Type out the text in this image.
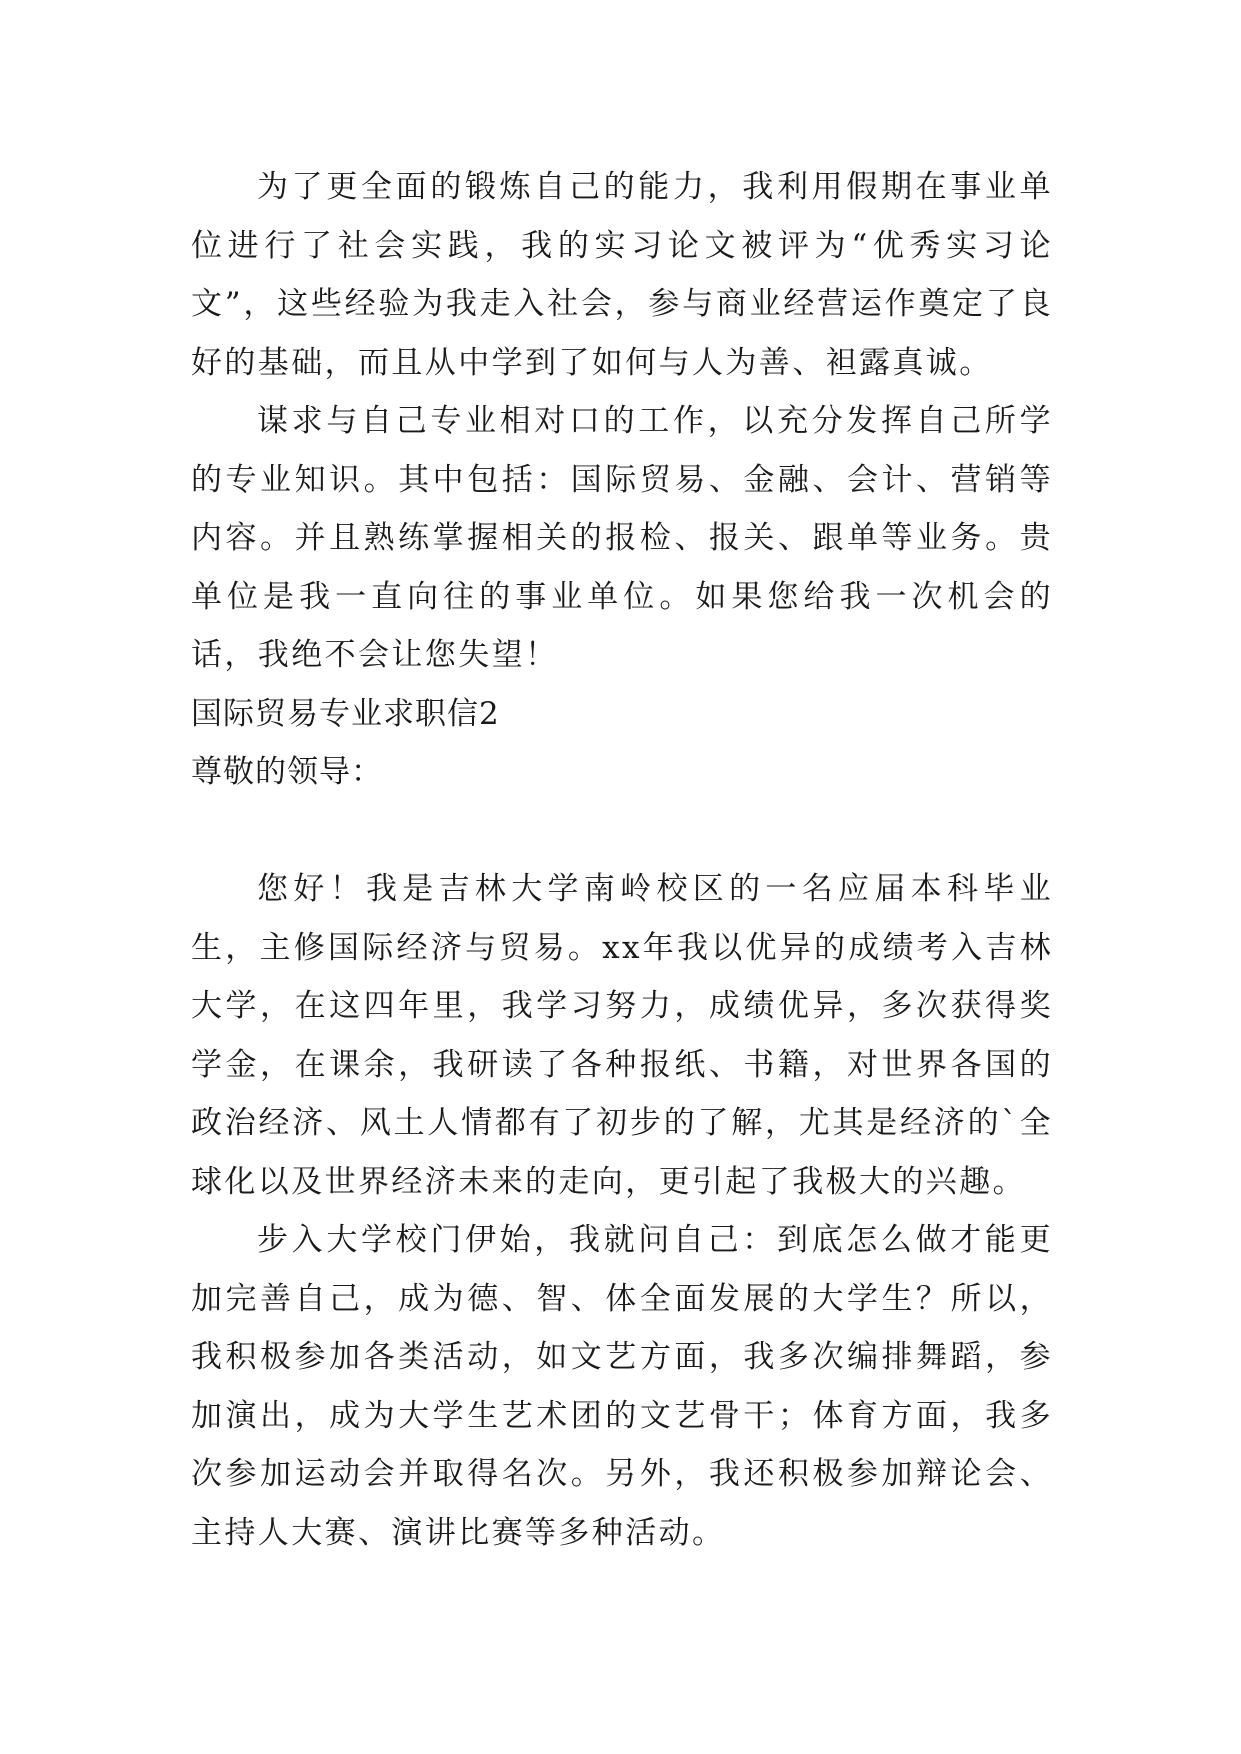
为了更全面的锻炼自己的能力，我利用假期在事业单位进行了社会实践，我的实习论文被评为“优秀实习论文”，这些经验为我走入社会，参与商业经营运作奠定了良好的基础，而且从中学到了如何与人为善、袒露真诚。

谋求与自己专业相对口的工作，以充分发挥自己所学的专业知识。其中包括：国际贸易、金融、会计、营销等内容。并且熟练掌握相关的报检、报关、跟单等业务。贵单位是我一直向往的事业单位。如果您给我一次机会的话，我绝不会让您失望！

国际贸易专业求职信2

尊敬的领导：

您好！我是吉林大学南岭校区的一名应届本科毕业生，主修国际经济与贸易。xx年我以优异的成绩考入吉林大学，在这四年里，我学习努力，成绩优异，多次获得奖学金，在课余，我研读了各种报纸、书籍，对世界各国的政治经济、风土人情都有了初步的了解，尤其是经济的`全球化以及世界经济未来的走向，更引起了我极大的兴趣。

步入大学校门伊始，我就问自己：到底怎么做才能更加完善自己，成为德、智、体全面发展的大学生？所以，我积极参加各类活动，如文艺方面，我多次编排舞蹈，参加演出，成为大学生艺术团的文艺骨干；体育方面，我多次参加运动会并取得名次。另外，我还积极参加辩论会、主持人大赛、演讲比赛等多种活动。
